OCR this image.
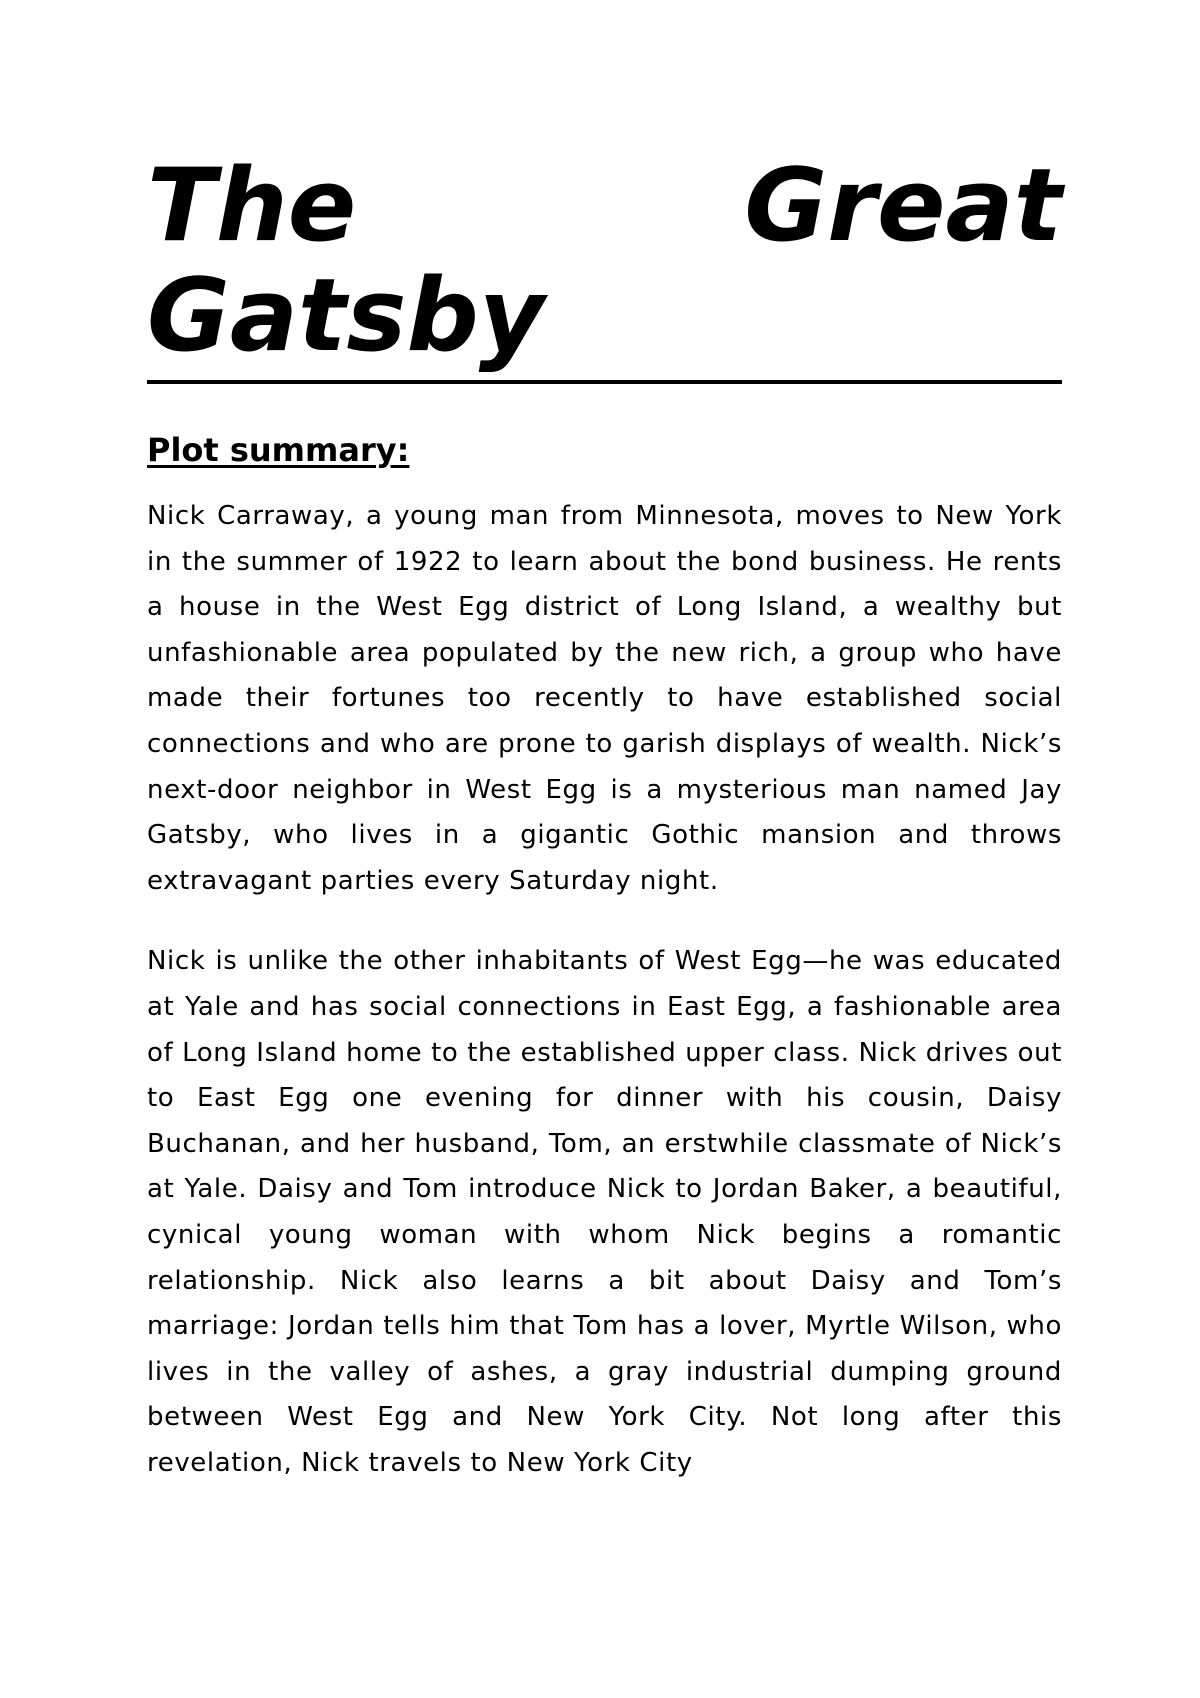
The	Great
Gatsby
Plot summary:

Nick Carraway, a young man from Minnesota, moves to New York in the summer of 1922 to learn about the bond business. He rents a house in the West Egg district of Long Island, a wealthy but unfashionable area populated by the new rich, a group who have made their fortunes too recently to have established social connections and who are prone to garish displays of wealth. Nick’s next-door neighbor in West Egg is a mysterious man named Jay Gatsby, who lives in a gigantic Gothic mansion and throws extravagant parties every Saturday night.

Nick is unlike the other inhabitants of West Egg—he was educated at Yale and has social connections in East Egg, a fashionable area of Long Island home to the established upper class. Nick drives out to East Egg one evening for dinner with his cousin, Daisy Buchanan, and her husband, Tom, an erstwhile classmate of Nick’s at Yale. Daisy and Tom introduce Nick to Jordan Baker, a beautiful, cynical young woman with whom Nick begins a romantic relationship. Nick also learns a bit about Daisy and Tom’s marriage: Jordan tells him that Tom has a lover, Myrtle Wilson, who lives in the valley of ashes, a gray industrial dumping ground between West Egg and New York City. Not long after this revelation, Nick travels to New York City
